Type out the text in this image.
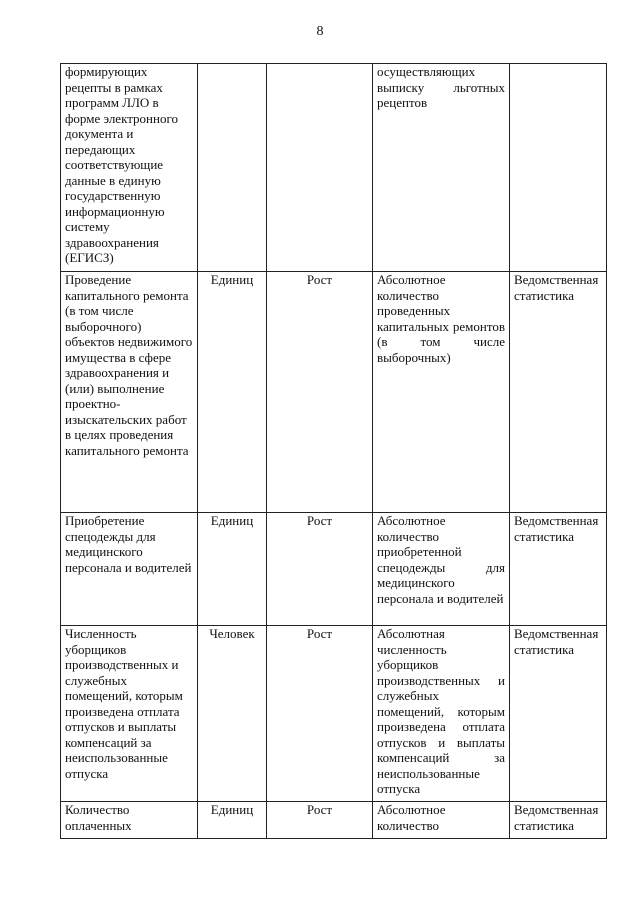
8
формирующих рецепты в рамках программ ЛЛО в форме электронного документа и передающих соответствующие данные в единую государственную информационную систему здравоохранения (ЕГИСЗ)			осуществляющих выписку льготных рецептов	
Проведение капитального ремонта (в том числе выборочного) объектов недвижимого имущества в сфере здравоохранения и (или) выполнение проектно-изыскательских работ в целях проведения капитального ремонта	Единиц	Рост	Абсолютное количество проведенных капитальных ремонтов (в том числе выборочных)	Ведомственная статистика
Приобретение спецодежды для медицинского персонала и водителей	Единиц	Рост	Абсолютное количество приобретенной спецодежды для медицинского персонала и водителей	Ведомственная статистика
Численность уборщиков производственных и служебных помещений, которым произведена отплата отпусков и выплаты компенсаций за неиспользованные отпуска	Человек	Рост	Абсолютная численность уборщиков производственных и служебных помещений, которым произведена отплата отпусков и выплаты компенсаций за неиспользованные отпуска	Ведомственная статистика
Количество оплаченных	Единиц	Рост	Абсолютное количество	Ведомственная статистика
